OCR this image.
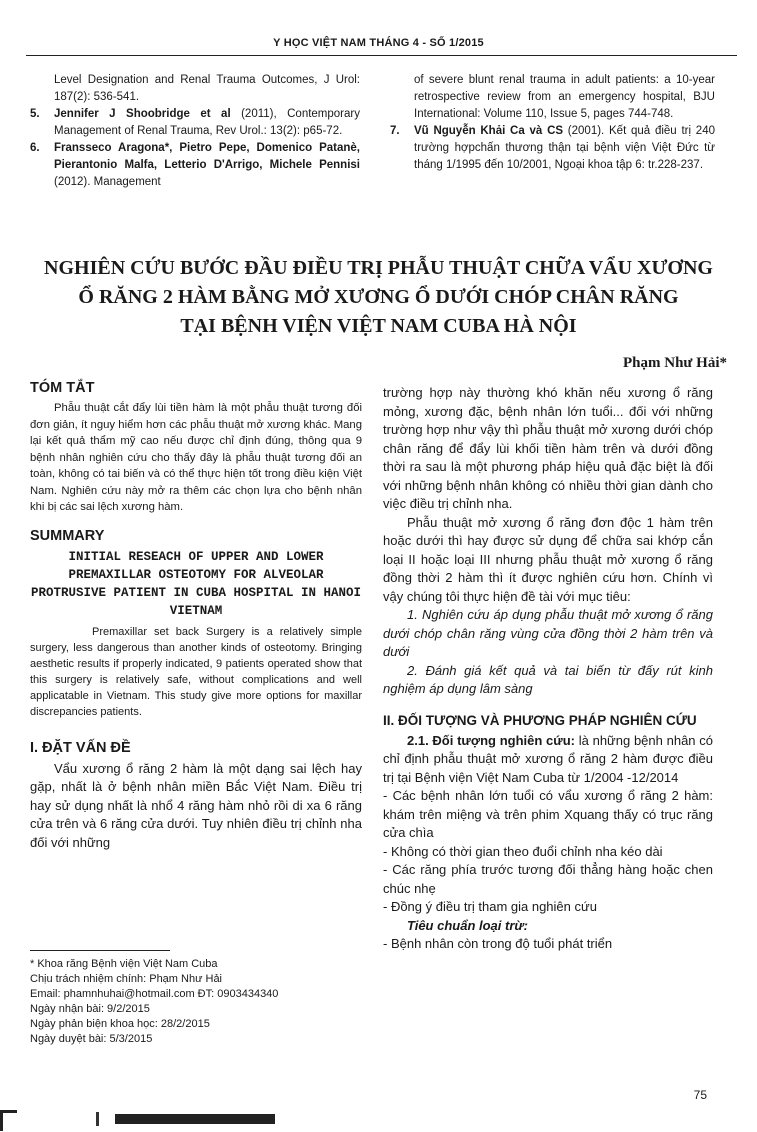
Y HỌC VIỆT NAM THÁNG 4 - SỐ 1/2015
Level Designation and Renal Trauma Outcomes, J Urol: 187(2): 536-541.
5.	Jennifer J Shoobridge et al (2011), Contemporary Management of Renal Trauma, Rev Urol.: 13(2): p65-72.
6.	Fransseco Aragona*, Pietro Pepe, Domenico Patanè, Pierantonio Malfa, Letterio D'Arrigo, Michele Pennisi (2012). Management
of severe blunt renal trauma in adult patients: a 10-year retrospective review from an emergency hospital, BJU International: Volume 110, Issue 5, pages 744-748.
7.	Vũ Nguyễn Khải Ca và CS (2001). Kết quả điều trị 240 trường hợpchấn thương thận tại bệnh viện Việt Đức từ tháng 1/1995 đến 10/2001, Ngoại khoa tập 6: tr.228-237.
NGHIÊN CỨU BƯỚC ĐẦU ĐIỀU TRỊ PHẪU THUẬT CHỮA VẨU XƯƠNG
Ổ RĂNG 2 HÀM BẰNG MỞ XƯƠNG Ổ DƯỚI CHÓP CHÂN RĂNG
TẠI BỆNH VIỆN VIỆT NAM CUBA HÀ NỘI
Phạm Như Hải*
TÓM TẮT

Phẫu thuật cắt đẩy lùi tiền hàm là một phẫu thuật tương đối đơn giản, ít nguy hiểm hơn các phẫu thuật mở xương khác. Mang lại kết quả thẩm mỹ cao nếu được chỉ định đúng, thông qua 9 bệnh nhân nghiên cứu cho thấy đây là phẫu thuật tương đối an toàn, không có tai biến và có thể thực hiện tốt trong điều kiện Việt Nam. Nghiên cứu này mở ra thêm các chọn lựa cho bệnh nhân khi bị các sai lệch xương hàm.

SUMMARY
INITIAL RESEACH OF UPPER AND LOWER PREMAXILLAR OSTEOTOMY FOR ALVEOLAR PROTRUSIVE PATIENT IN CUBA HOSPITAL IN HANOI VIETNAM

Premaxillar set back Surgery is a relatively simple surgery, less dangerous than another kinds of osteotomy. Bringing aesthetic results if properly indicated, 9 patients operated show that this surgery is relatively safe, without complications and well applicatable in Vietnam. This study give more options for maxillar discrepancies patients.

I. ĐẶT VẤN ĐỀ

Vẩu xương ổ răng 2 hàm là một dạng sai lệch hay gặp, nhất là ở bệnh nhân miền Bắc Việt Nam. Điều trị hay sử dụng nhất là nhổ 4 răng hàm nhỏ rồi di xa 6 răng cửa trên và 6 răng cửa dưới. Tuy nhiên điều trị chỉnh nha đối với những

* Khoa răng Bệnh viện Việt Nam Cuba
Chịu trách nhiệm chính: Phạm Như Hải
Email: phamnhuhai@hotmail.com ĐT: 0903434340
Ngày nhận bài: 9/2/2015
Ngày phản biện khoa học: 28/2/2015
Ngày duyệt bài: 5/3/2015

trường hợp này thường khó khăn nếu xương ổ răng mỏng, xương đặc, bệnh nhân lớn tuổi... đối với những trường hợp như vậy thì phẫu thuật mở xương dưới chóp chân răng để đẩy lùi khối tiền hàm trên và dưới đồng thời ra sau là một phương pháp hiệu quả đặc biệt là đối với những bệnh nhân không có nhiều thời gian dành cho việc điều trị chỉnh nha.

Phẫu thuật mở xương ổ răng đơn độc 1 hàm trên hoặc dưới thì hay được sử dụng để chữa sai khớp cắn loại II hoặc loại III nhưng phẫu thuật mở xương ổ răng đồng thời 2 hàm thì ít được nghiên cứu hơn. Chính vì vậy chúng tôi thực hiện đề tài với mục tiêu:

1. Nghiên cứu áp dụng phẫu thuật mở xương ổ răng dưới chóp chân răng vùng cửa đồng thời 2 hàm trên và dưới

2. Đánh giá kết quả và tai biến từ đấy rút kinh nghiệm áp dụng lâm sàng

II. ĐỐI TƯỢNG VÀ PHƯƠNG PHÁP NGHIÊN CỨU

2.1. Đối tượng nghiên cứu: là những bệnh nhân có chỉ định phẫu thuật mở xương ổ răng 2 hàm được điều trị tại Bệnh viện Việt Nam Cuba từ 1/2004 -12/2014

- Các bệnh nhân lớn tuổi có vẩu xương ổ răng 2 hàm: khám trên miệng và trên phim Xquang thấy có trục răng cửa chìa

- Không có thời gian theo đuổi chỉnh nha kéo dài

- Các răng phía trước tương đối thẳng hàng hoặc chen chúc nhẹ

- Đồng ý điều trị tham gia nghiên cứu

Tiêu chuẩn loại trừ:

- Bệnh nhân còn trong độ tuổi phát triển

75
